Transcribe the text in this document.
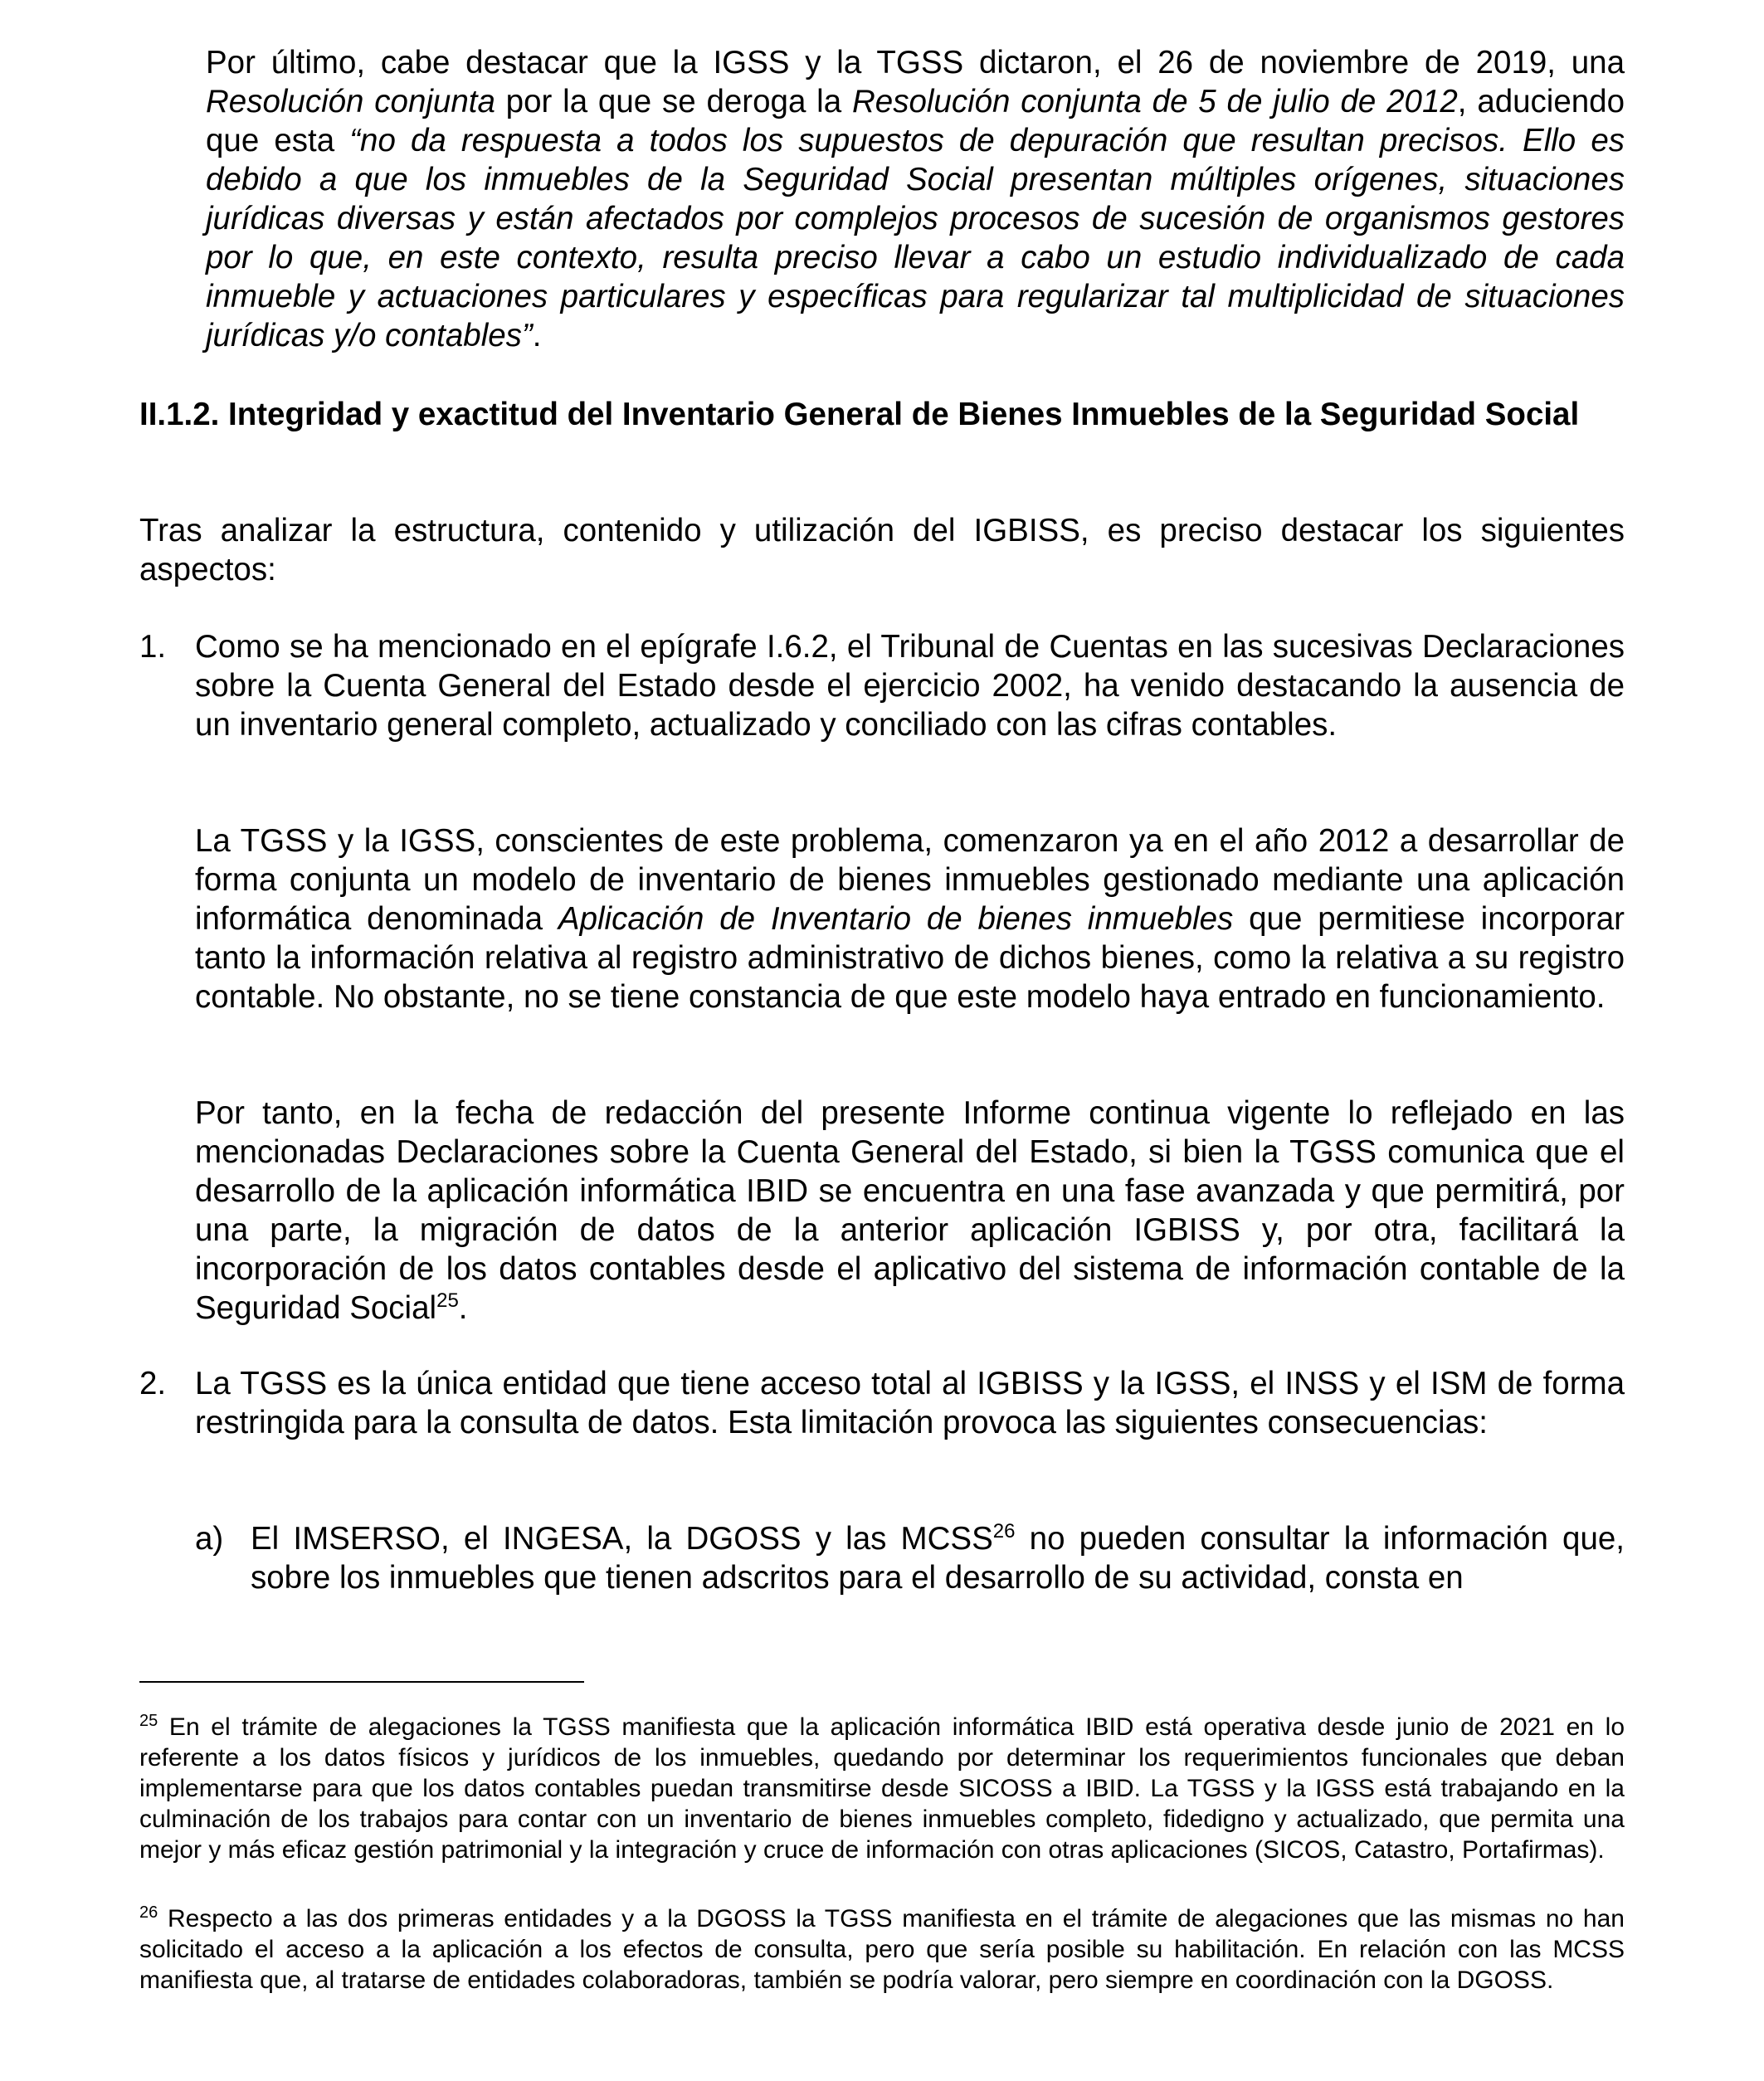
Por último, cabe destacar que la IGSS y la TGSS dictaron, el 26 de noviembre de 2019, una Resolución conjunta por la que se deroga la Resolución conjunta de 5 de julio de 2012, aduciendo que esta “no da respuesta a todos los supuestos de depuración que resultan precisos. Ello es debido a que los inmuebles de la Seguridad Social presentan múltiples orígenes, situaciones jurídicas diversas y están afectados por complejos procesos de sucesión de organismos gestores por lo que, en este contexto, resulta preciso llevar a cabo un estudio individualizado de cada inmueble y actuaciones particulares y específicas para regularizar tal multiplicidad de situaciones jurídicas y/o contables”.

II.1.2. Integridad y exactitud del Inventario General de Bienes Inmuebles de la Seguridad Social

Tras analizar la estructura, contenido y utilización del IGBISS, es preciso destacar los siguientes aspectos:

1. Como se ha mencionado en el epígrafe I.6.2, el Tribunal de Cuentas en las sucesivas Declaraciones sobre la Cuenta General del Estado desde el ejercicio 2002, ha venido destacando la ausencia de un inventario general completo, actualizado y conciliado con las cifras contables.

La TGSS y la IGSS, conscientes de este problema, comenzaron ya en el año 2012 a desarrollar de forma conjunta un modelo de inventario de bienes inmuebles gestionado mediante una aplicación informática denominada Aplicación de Inventario de bienes inmuebles que permitiese incorporar tanto la información relativa al registro administrativo de dichos bienes, como la relativa a su registro contable. No obstante, no se tiene constancia de que este modelo haya entrado en funcionamiento.

Por tanto, en la fecha de redacción del presente Informe continua vigente lo reflejado en las mencionadas Declaraciones sobre la Cuenta General del Estado, si bien la TGSS comunica que el desarrollo de la aplicación informática IBID se encuentra en una fase avanzada y que permitirá, por una parte, la migración de datos de la anterior aplicación IGBISS y, por otra, facilitará la incorporación de los datos contables desde el aplicativo del sistema de información contable de la Seguridad Social$^{25}$.

2. La TGSS es la única entidad que tiene acceso total al IGBISS y la IGSS, el INSS y el ISM de forma restringida para la consulta de datos. Esta limitación provoca las siguientes consecuencias:

a) El IMSERSO, el INGESA, la DGOSS y las MCSS$^{26}$ no pueden consultar la información que, sobre los inmuebles que tienen adscritos para el desarrollo de su actividad, consta en

$^{25}$ En el trámite de alegaciones la TGSS manifiesta que la aplicación informática IBID está operativa desde junio de 2021 en lo referente a los datos físicos y jurídicos de los inmuebles, quedando por determinar los requerimientos funcionales que deban implementarse para que los datos contables puedan transmitirse desde SICOSS a IBID. La TGSS y la IGSS está trabajando en la culminación de los trabajos para contar con un inventario de bienes inmuebles completo, fidedigno y actualizado, que permita una mejor y más eficaz gestión patrimonial y la integración y cruce de información con otras aplicaciones (SICOS, Catastro, Portafirmas).

$^{26}$ Respecto a las dos primeras entidades y a la DGOSS la TGSS manifiesta en el trámite de alegaciones que las mismas no han solicitado el acceso a la aplicación a los efectos de consulta, pero que sería posible su habilitación. En relación con las MCSS manifiesta que, al tratarse de entidades colaboradoras, también se podría valorar, pero siempre en coordinación con la DGOSS.
